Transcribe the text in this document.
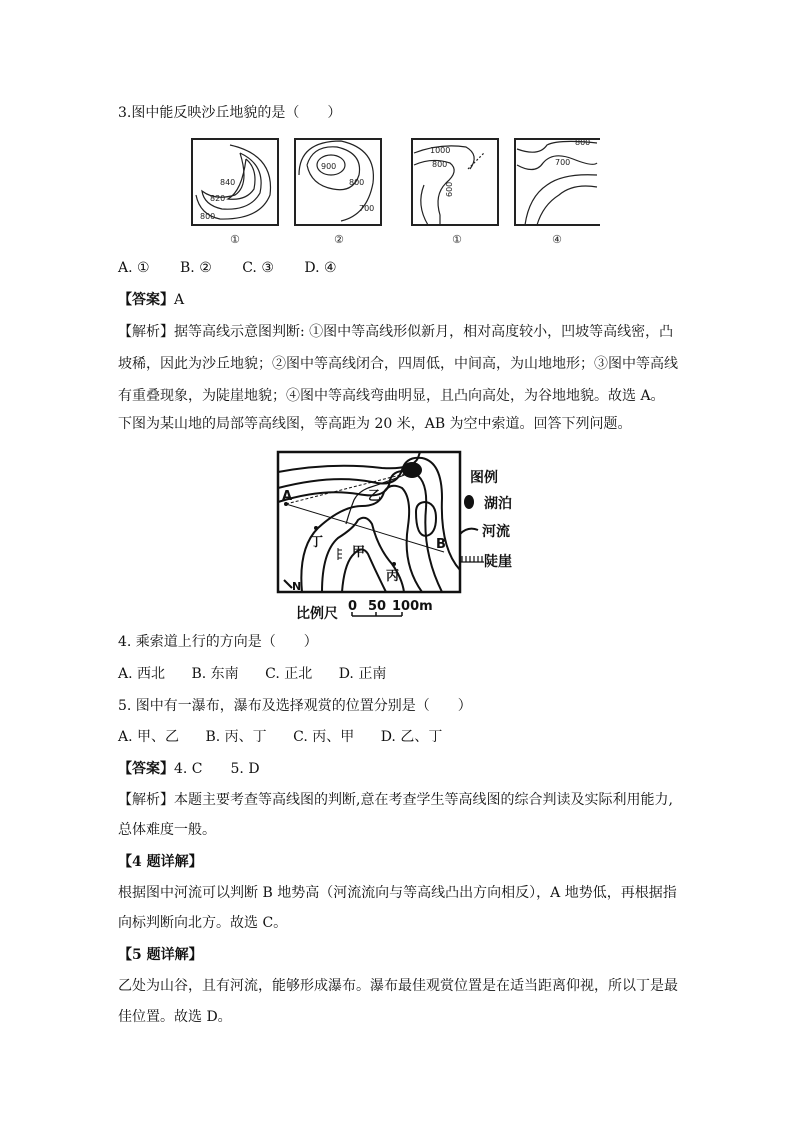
3.图中能反映沙丘地貌的是（　　）
840
820
800
①
900
800
700
②
1000
800
600
①
800
700
④
A. ① B. ② C. ③ D. ④
【答案】A
【解析】据等高线示意图判断: ①图中等高线形似新月，相对高度较小，凹坡等高线密，凸
坡稀，因此为沙丘地貌；②图中等高线闭合，四周低，中间高，为山地地形；③图中等高线
有重叠现象，为陡崖地貌；④图中等高线弯曲明显，且凸向高处，为谷地地貌。故选 A。
下图为某山地的局部等高线图，等高距为 20 米，AB 为空中索道。回答下列问题。
A
B
乙
甲
丙
丁
N
图例
湖泊
河流
陡崖
比例尺 0 50 100m
4. 乘索道上行的方向是（　　）
A. 西北 B. 东南 C. 正北 D. 正南
5. 图中有一瀑布，瀑布及选择观赏的位置分别是（　　）
A. 甲、乙 B. 丙、丁 C. 丙、甲 D. 乙、丁
【答案】4. C　　5. D
【解析】本题主要考查等高线图的判断,意在考查学生等高线图的综合判读及实际利用能力,
总体难度一般。
【4 题详解】
根据图中河流可以判断 B 地势高（河流流向与等高线凸出方向相反），A 地势低，再根据指
向标判断向北方。故选 C。
【5 题详解】
乙处为山谷，且有河流，能够形成瀑布。瀑布最佳观赏位置是在适当距离仰视，所以丁是最
佳位置。故选 D。
